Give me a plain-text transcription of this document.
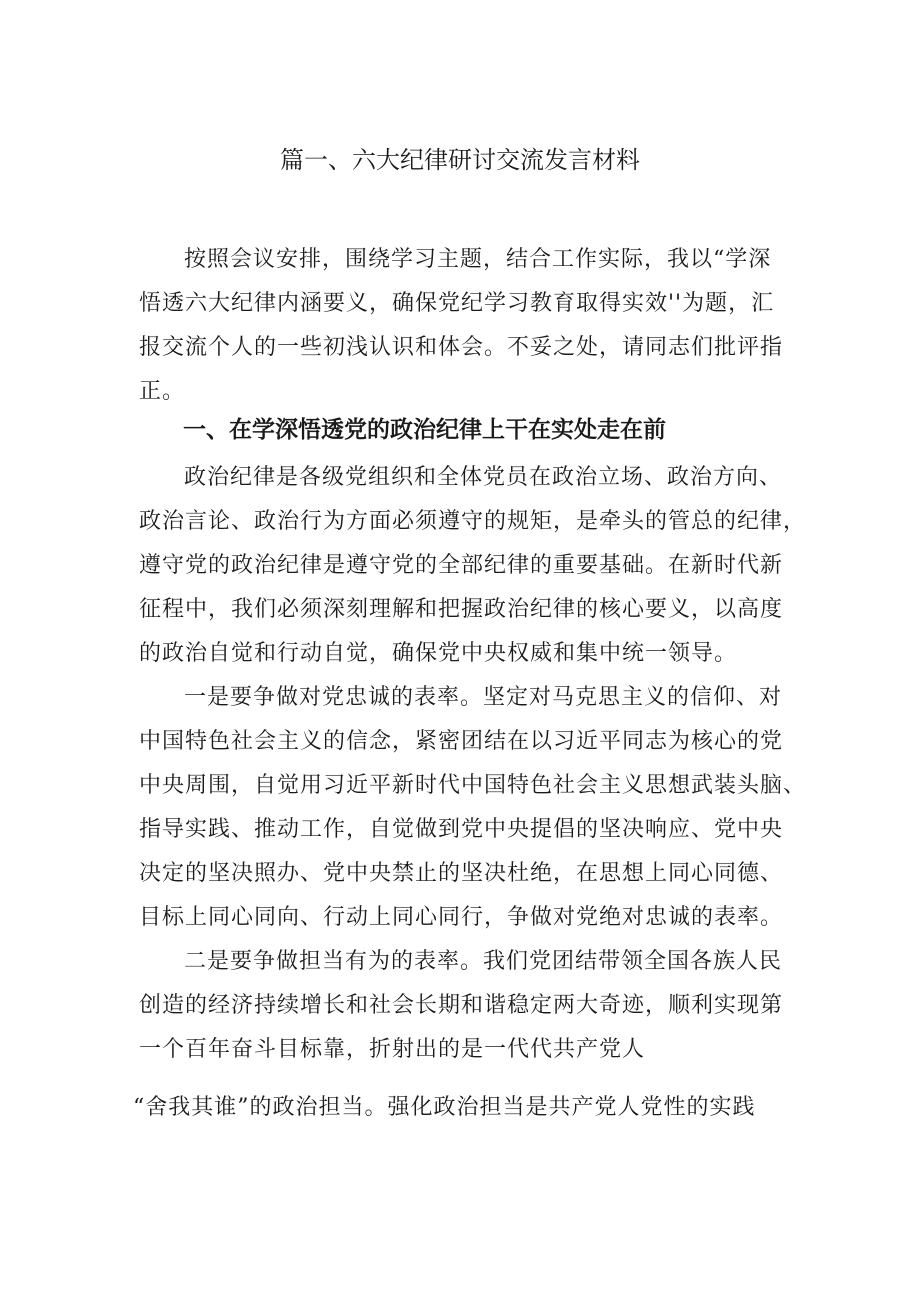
篇一、六大纪律研讨交流发言材料

按照会议安排，围绕学习主题，结合工作实际，我以“学深
悟透六大纪律内涵要义，确保党纪学习教育取得实效''为题，汇
报交流个人的一些初浅认识和体会。不妥之处，请同志们批评指
正。

一、在学深悟透党的政治纪律上干在实处走在前

政治纪律是各级党组织和全体党员在政治立场、政治方向、
政治言论、政治行为方面必须遵守的规矩，是牵头的管总的纪律，
遵守党的政治纪律是遵守党的全部纪律的重要基础。在新时代新
征程中，我们必须深刻理解和把握政治纪律的核心要义，以高度
的政治自觉和行动自觉，确保党中央权威和集中统一领导。

一是要争做对党忠诚的表率。坚定对马克思主义的信仰、对
中国特色社会主义的信念，紧密团结在以习近平同志为核心的党
中央周围，自觉用习近平新时代中国特色社会主义思想武装头脑、
指导实践、推动工作，自觉做到党中央提倡的坚决响应、党中央
决定的坚决照办、党中央禁止的坚决杜绝，在思想上同心同德、
目标上同心同向、行动上同心同行，争做对党绝对忠诚的表率。

二是要争做担当有为的表率。我们党团结带领全国各族人民
创造的经济持续增长和社会长期和谐稳定两大奇迹，顺利实现第
一个百年奋斗目标靠，折射出的是一代代共产党人

“舍我其谁”的政治担当。强化政治担当是共产党人党性的实践
